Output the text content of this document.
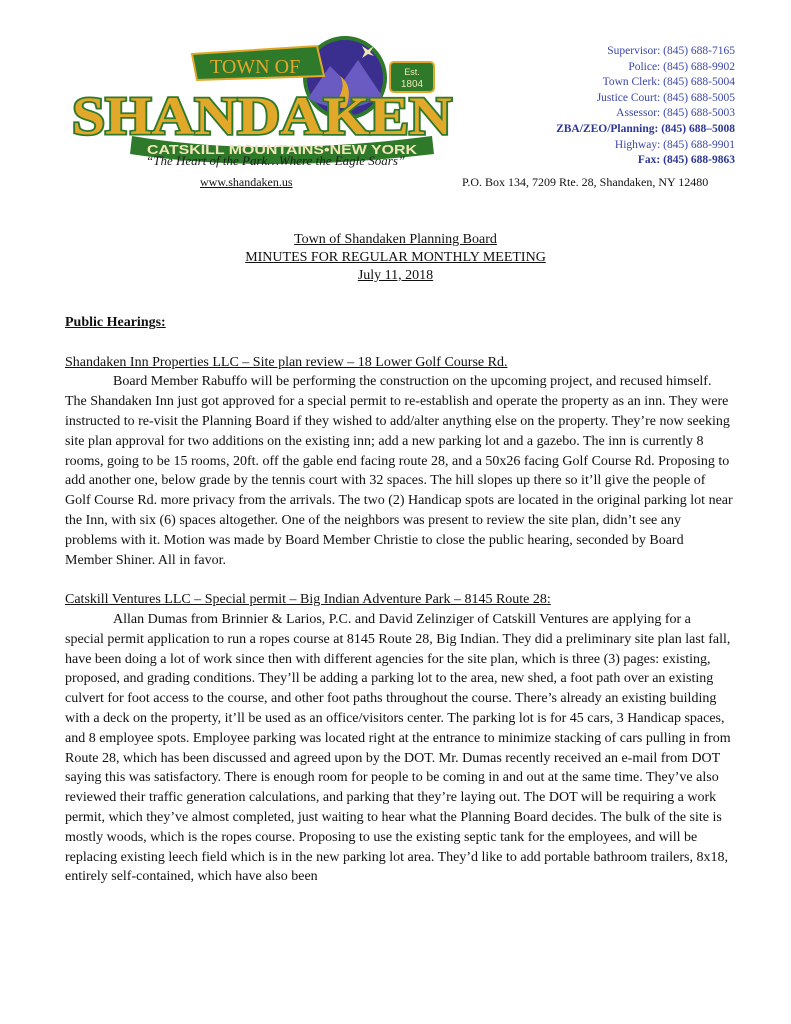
TOWN OF	Est.
1804
SHANDAKEN
CATSKILL MOUNTAINS•NEW YORK
“The Heart of the Park…Where the Eagle Soars”
www.shandaken.us
Supervisor: (845) 688-7165
Police: (845) 688-9902
Town Clerk: (845) 688-5004
Justice Court: (845) 688-5005
Assessor: (845) 688-5003
ZBA/ZEO/Planning: (845) 688–5008
Highway: (845) 688-9901
Fax: (845) 688-9863
P.O. Box 134, 7209 Rte. 28, Shandaken, NY 12480
Town of Shandaken Planning Board
MINUTES FOR REGULAR MONTHLY MEETING
July 11, 2018

Public Hearings:

Shandaken Inn Properties LLC – Site plan review – 18 Lower Golf Course Rd.

Board Member Rabuffo will be performing the construction on the upcoming project, and recused himself. The Shandaken Inn just got approved for a special permit to re-establish and operate the property as an inn. They were instructed to re-visit the Planning Board if they wished to add/alter anything else on the property. They’re now seeking site plan approval for two additions on the existing inn; add a new parking lot and a gazebo. The inn is currently 8 rooms, going to be 15 rooms, 20ft. off the gable end facing route 28, and a 50x26 facing Golf Course Rd. Proposing to add another one, below grade by the tennis court with 32 spaces. The hill slopes up there so it’ll give the people of Golf Course Rd. more privacy from the arrivals. The two (2) Handicap spots are located in the original parking lot near the Inn, with six (6) spaces altogether. One of the neighbors was present to review the site plan, didn’t see any problems with it. Motion was made by Board Member Christie to close the public hearing, seconded by Board Member Shiner. All in favor.

Catskill Ventures LLC – Special permit – Big Indian Adventure Park – 8145 Route 28:

Allan Dumas from Brinnier & Larios, P.C. and David Zelinziger of Catskill Ventures are applying for a special permit application to run a ropes course at 8145 Route 28, Big Indian. They did a preliminary site plan last fall, have been doing a lot of work since then with different agencies for the site plan, which is three (3) pages: existing, proposed, and grading conditions. They’ll be adding a parking lot to the area, new shed, a foot path over an existing culvert for foot access to the course, and other foot paths throughout the course. There’s already an existing building with a deck on the property, it’ll be used as an office/visitors center. The parking lot is for 45 cars, 3 Handicap spaces, and 8 employee spots. Employee parking was located right at the entrance to minimize stacking of cars pulling in from Route 28, which has been discussed and agreed upon by the DOT. Mr. Dumas recently received an e-mail from DOT saying this was satisfactory. There is enough room for people to be coming in and out at the same time. They’ve also reviewed their traffic generation calculations, and parking that they’re laying out. The DOT will be requiring a work permit, which they’ve almost completed, just waiting to hear what the Planning Board decides. The bulk of the site is mostly woods, which is the ropes course. Proposing to use the existing septic tank for the employees, and will be replacing existing leech field which is in the new parking lot area. They’d like to add portable bathroom trailers, 8x18, entirely self-contained, which have also been
